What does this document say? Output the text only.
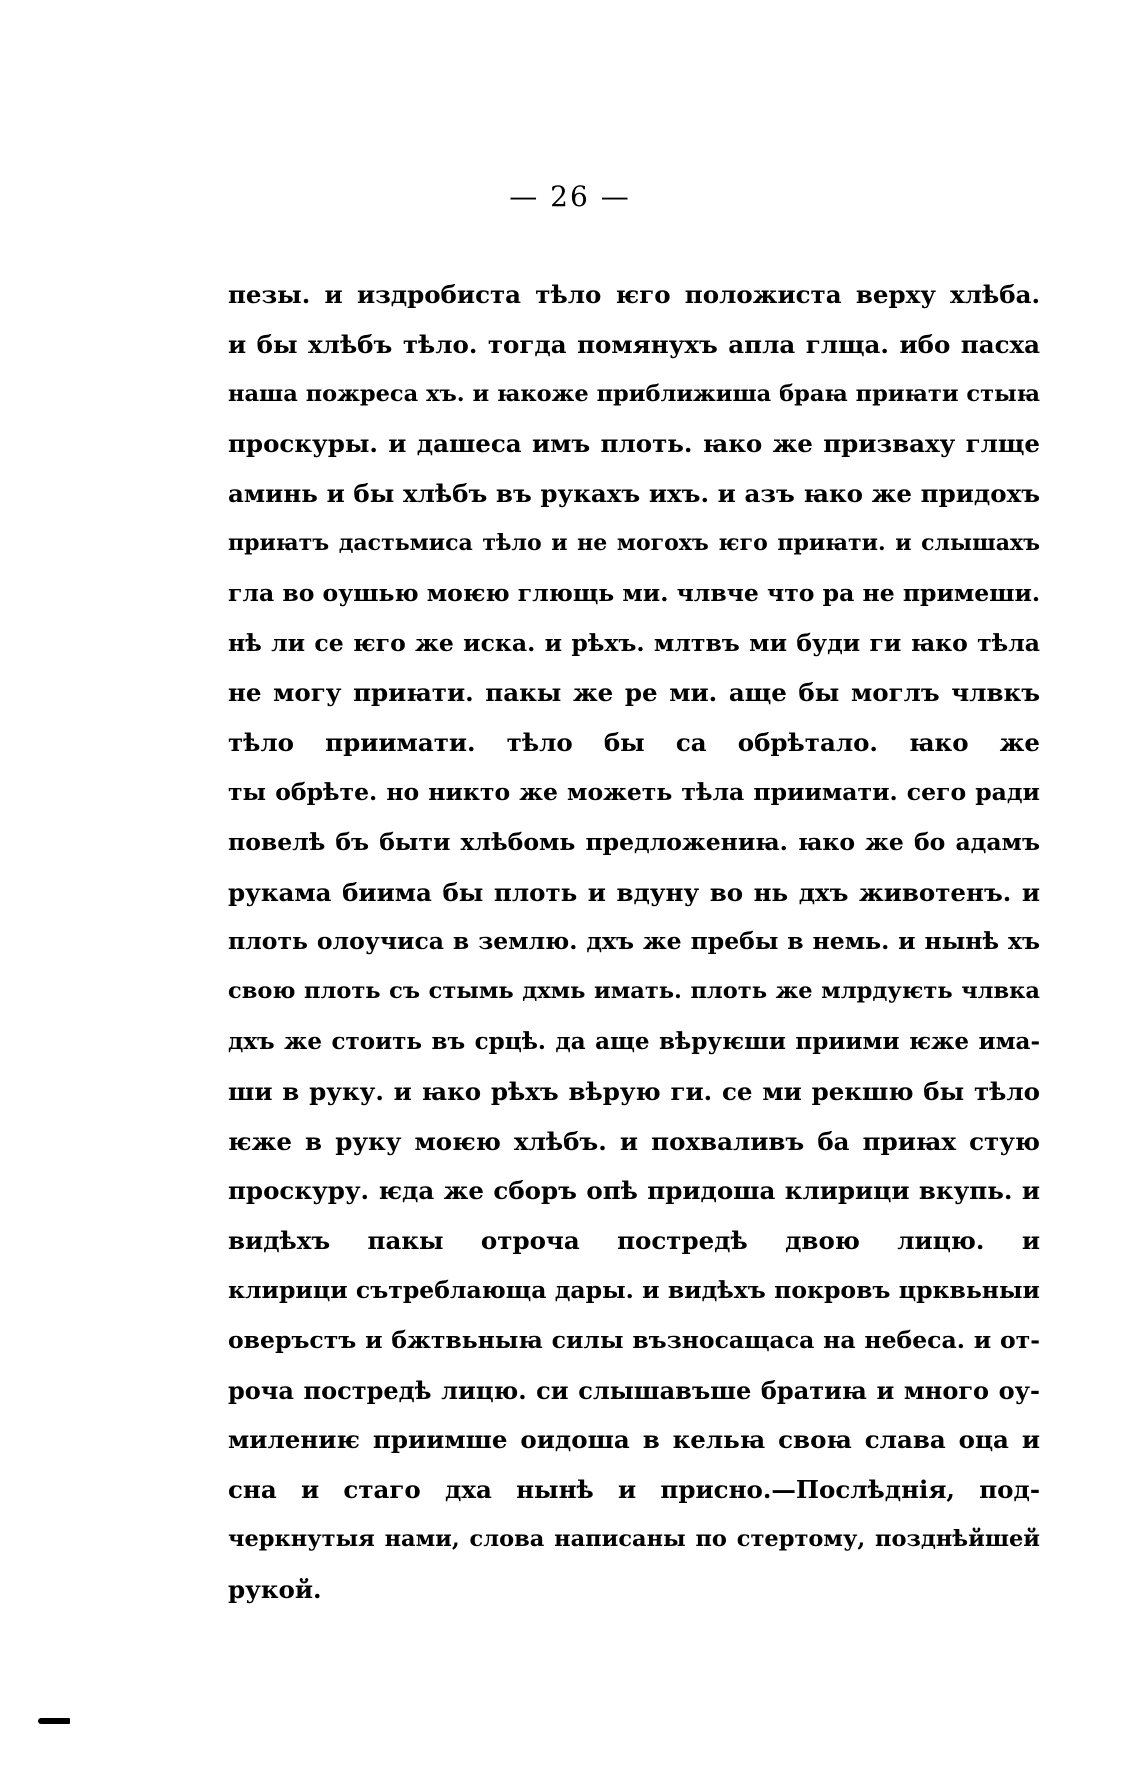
— 26 —
пезы. и издробиста тѣло ѥго положиста верху хлѣба.
и бы хлѣбъ тѣло. тогда помянухъ апла глща. ибо пасха
наша пожреса хъ. и ꙗкоже приближиша браꙗ приꙗти стыꙗ
проскуры. и дашеса имъ плоть. ꙗко же призваху глще
аминь и бы хлѣбъ въ рукахъ ихъ. и азъ ꙗко же придохъ
приꙗтъ дастьмиса тѣло и не могохъ ѥго приꙗти. и слышахъ
гла во оушью моѥю глющь ми. члвче что ра не примеши.
нѣ ли се ѥго же иска. и рѣхъ. млтвъ ми буди ги ꙗко тѣла
не могу приꙗти. пакы же ре ми. аще бы моглъ члвкъ
тѣло приимати. тѣло бы са обрѣтало. ꙗко же
ты обрѣте. но никто же можеть тѣла приимати. сего ради
повелѣ бъ быти хлѣбомь предложениꙗ. ꙗко же бо адамъ
рукама биима бы плоть и вдуну во нь дхъ животенъ. и
плоть олоучиса в землю. дхъ же пребы в немь. и нынѣ хъ
свою плоть съ стымь дхмь имать. плоть же млрдуѥть члвка
дхъ же стоить въ срцѣ. да аще вѣруѥши приими ѥже има-
ши в руку. и ꙗко рѣхъ вѣрую ги. се ми рекшю бы тѣло
ѥже в руку моѥю хлѣбъ. и похваливъ ба приꙗх стую
проскуру. ѥда же сборъ опѣ придоша клирици вкупь. и
видѣхъ пакы отроча постредѣ двою лицю. и
клирици сътреблающа дары. и видѣхъ покровъ црквьныи
оверъстъ и бжтвьныꙗ силы възносащаса на небеса. и от-
роча постредѣ лицю. си слышавъше братиꙗ и много оу-
милениѥ приимше оидоша в кельꙗ своꙗ слава оца и
сна и стаго дха нынѣ и присно.—Послѣднія, под-
черкнутыя нами, слова написаны по стертому, позднѣйшей
рукой.
